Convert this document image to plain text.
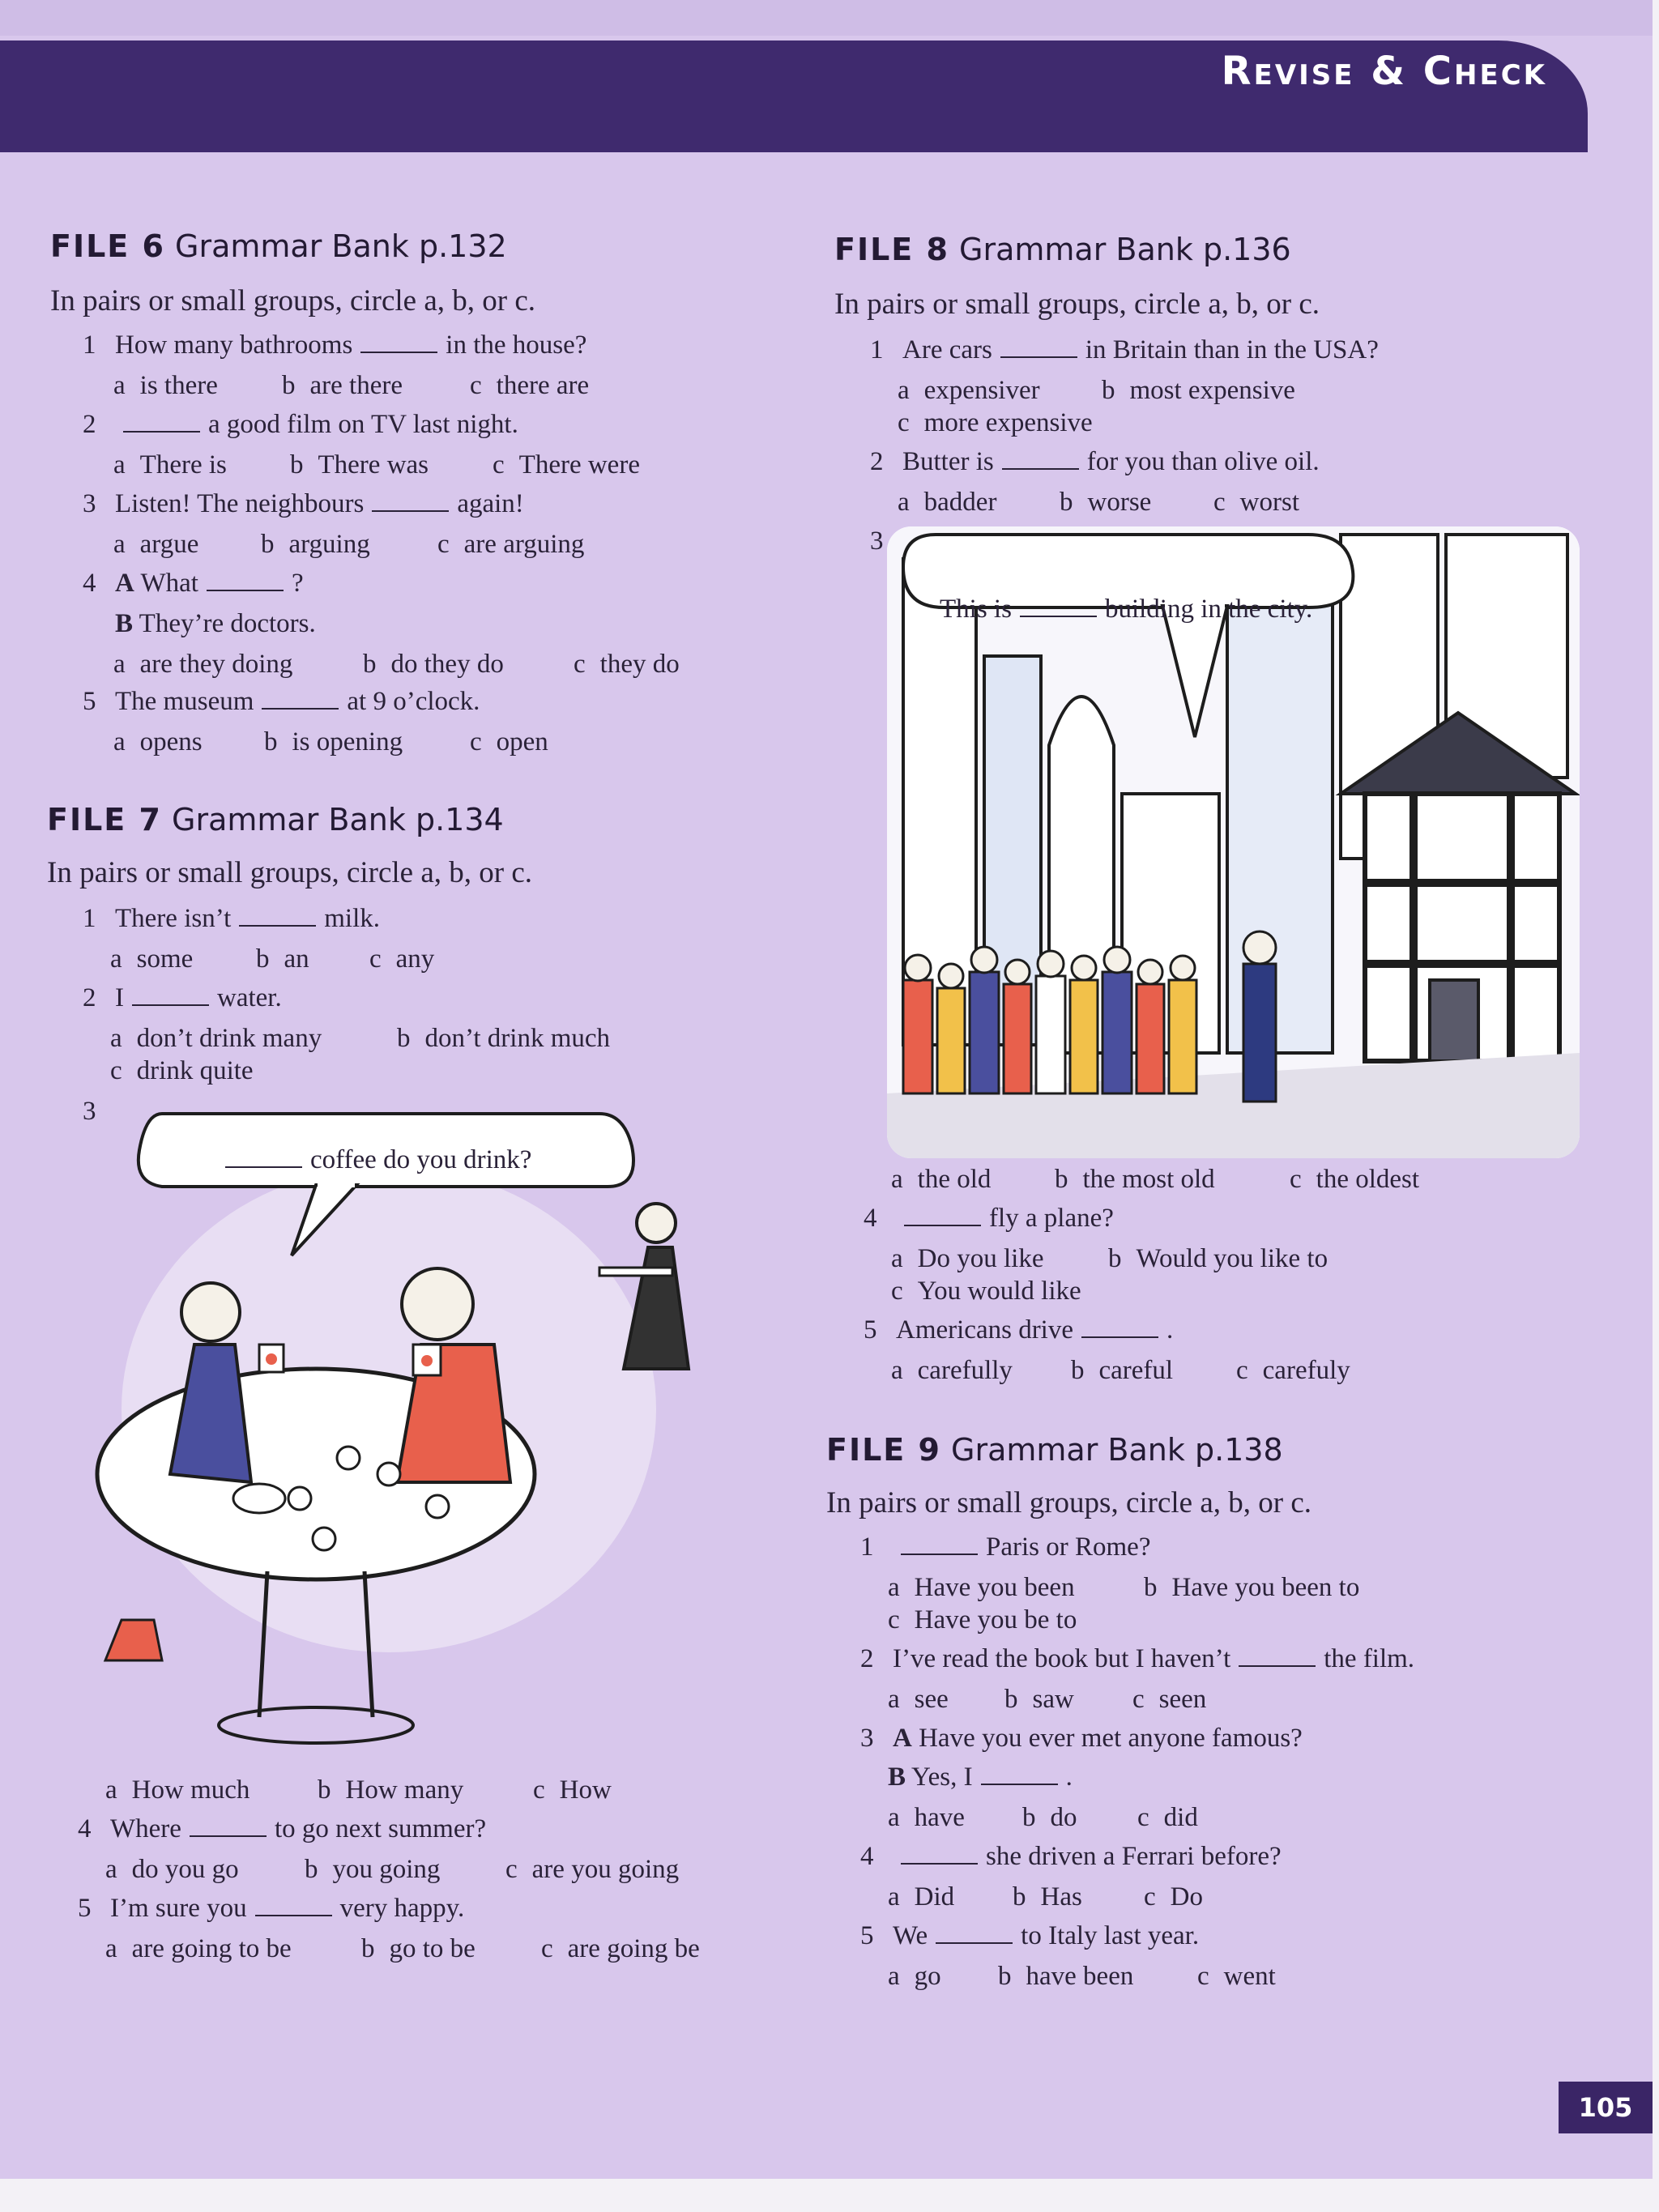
Revise & Check
FILE 6 Grammar Bank p.132
In pairs or small groups, circle a, b, or c.
1 How many bathrooms	in the house?
a is there b are there	c there are
2	a good film on TV last night.
a There is b There was c There were
3 Listen! The neighbours	again!
a argue b arguing	c are arguing
4 A What	?
B They’re doctors.
a are they doing	b do they do	c they do
5 The museum	at 9 o’clock.
a opens b is opening	c open
FILE 7 Grammar Bank p.134
In pairs or small groups, circle a, b, or c.
1 There isn’t	milk.
a some b an c any
2 I	water.
a don’t drink many	b don’t drink much
c drink quite
3
coffee do you drink?
a How much	b How many	c How
4 Where	to go next summer?
a do you go b you going c are you going
5 I’m sure you	very happy.
a are going to be	b go to be c are going be
FILE 8 Grammar Bank p.136
In pairs or small groups, circle a, b, or c.
1 Are cars	in Britain than in the USA?
a expensiver b most expensive
c more expensive
2 Butter is	for you than olive oil.
a badder b worse c worst
3
This is	building in the city.
a the old b the most old	c the oldest
4	fly a plane?
a Do you like b Would you like to
c You would like
5 Americans drive	.
a carefully b careful c carefuly
FILE 9 Grammar Bank p.138
In pairs or small groups, circle a, b, or c.
1	Paris or Rome?
a Have you been	b Have you been to
c Have you be to
2 I’ve read the book but I haven’t	the film.
a see b saw c seen
3 A Have you ever met anyone famous?
B Yes, I	.
a have b do c did
4	she driven a Ferrari before?
a Did b Has c Do
5 We	to Italy last year.
a go b have been c went
105
